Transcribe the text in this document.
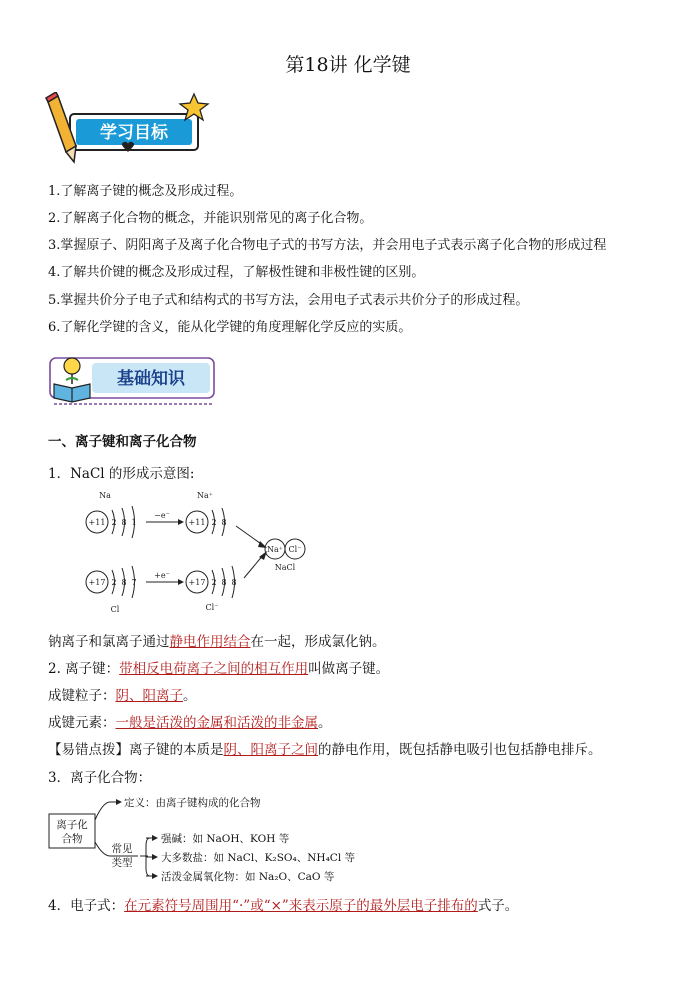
第18讲 化学键
学习目标
1.了解离子键的概念及形成过程。
2.了解离子化合物的概念，并能识别常见的离子化合物。
3.掌握原子、阴阳离子及离子化合物电子式的书写方法，并会用电子式表示离子化合物的形成过程
4.了解共价键的概念及形成过程，了解极性键和非极性键的区别。
5.掌握共价分子电子式和结构式的书写方法，会用电子式表示共价分子的形成过程。
6.了解化学键的含义，能从化学键的角度理解化学反应的实质。
基础知识
一、离子键和离子化合物
1．NaCl 的形成示意图:
Na	Na⁺
+11	+11
2 8 1	2 8
−e⁻
+17	+17
2 8 7	2 8 8
+e⁻
Cl	Cl⁻
Na⁺ Cl⁻
NaCl
钠离子和氯离子通过静电作用结合在一起，形成氯化钠。
2. 离子键：带相反电荷离子之间的相互作用叫做离子键。
成键粒子：阴、阳离子。
成键元素：一般是活泼的金属和活泼的非金属。
【易错点拨】离子键的本质是阴、阳离子之间的静电作用，既包括静电吸引也包括静电排斥。
3．离子化合物：
离子化
合物
定义：由离子键构成的化合物
常见
类型
强碱：如 NaOH、KOH 等
大多数盐：如 NaCl、K₂SO₄、NH₄Cl 等
活泼金属氧化物：如 Na₂O、CaO 等
4．电子式：在元素符号周围用“·”或“×”来表示原子的最外层电子排布的式子。
